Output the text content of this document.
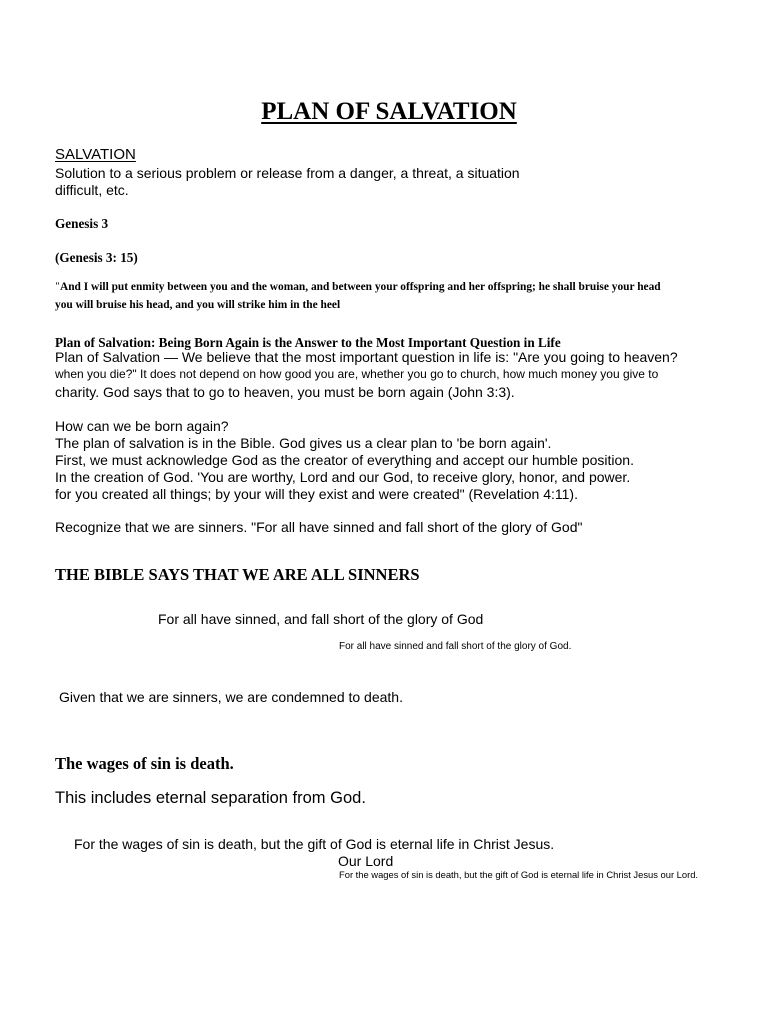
PLAN OF SALVATION
SALVATION
Solution to a serious problem or release from a danger, a threat, a situation
difficult, etc.
Genesis 3
(Genesis 3: 15)
"And I will put enmity between you and the woman, and between your offspring and her offspring; he shall bruise your head
you will bruise his head, and you will strike him in the heel
Plan of Salvation: Being Born Again is the Answer to the Most Important Question in Life
Plan of Salvation — We believe that the most important question in life is: "Are you going to heaven?
when you die?" It does not depend on how good you are, whether you go to church, how much money you give to
charity. God says that to go to heaven, you must be born again (John 3:3).
How can we be born again?
The plan of salvation is in the Bible. God gives us a clear plan to 'be born again'.
First, we must acknowledge God as the creator of everything and accept our humble position.
In the creation of God. 'You are worthy, Lord and our God, to receive glory, honor, and power.
for you created all things; by your will they exist and were created" (Revelation 4:11).
Recognize that we are sinners. "For all have sinned and fall short of the glory of God"
THE BIBLE SAYS THAT WE ARE ALL SINNERS
For all have sinned, and fall short of the glory of God
For all have sinned and fall short of the glory of God.
Given that we are sinners, we are condemned to death.
The wages of sin is death.
This includes eternal separation from God.
For the wages of sin is death, but the gift of God is eternal life in Christ Jesus.
Our Lord
For the wages of sin is death, but the gift of God is eternal life in Christ Jesus our Lord.
